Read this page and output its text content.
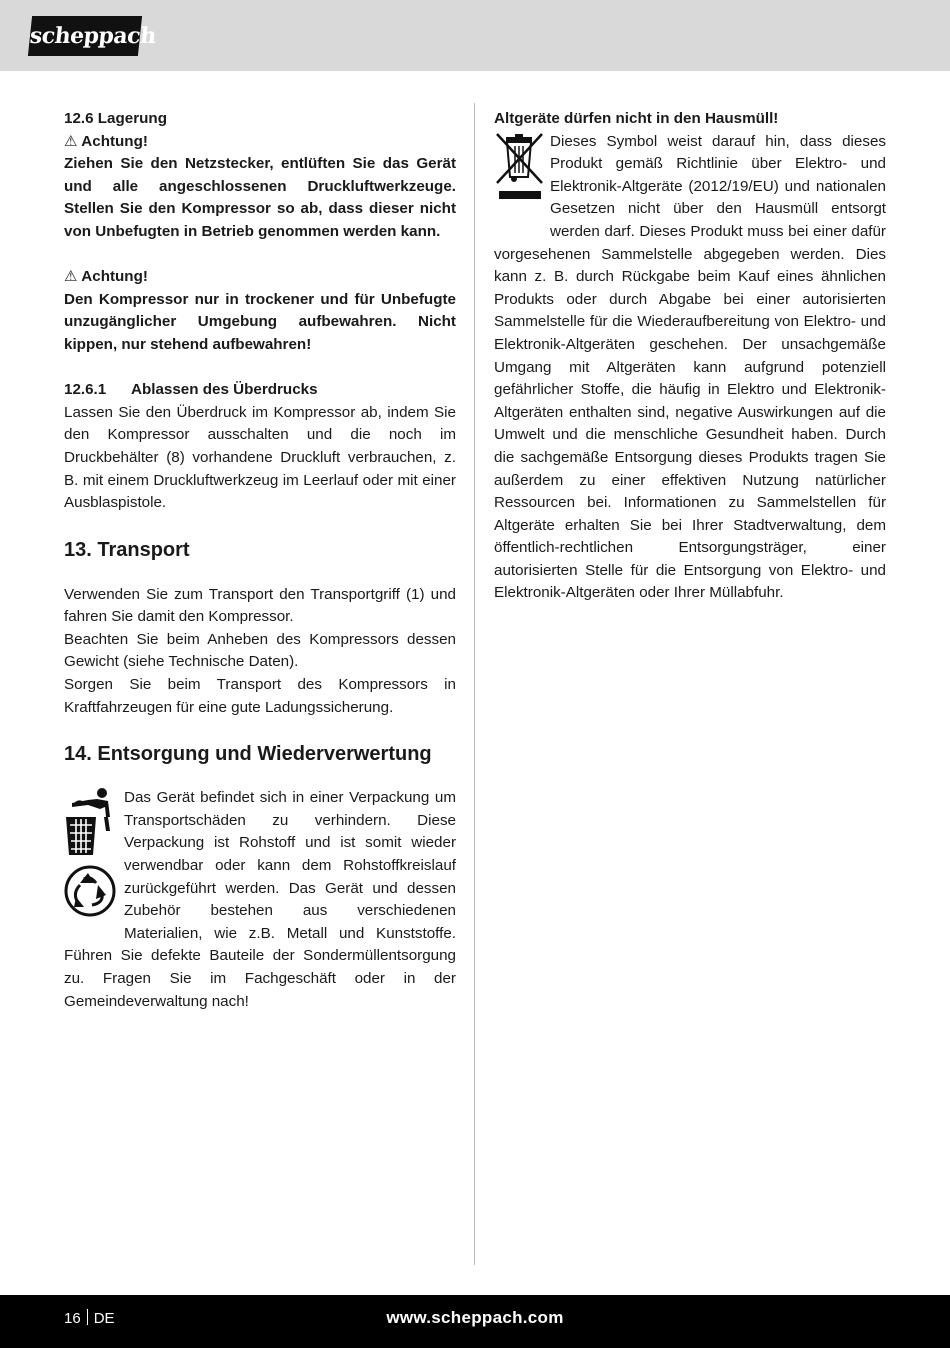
scheppach

12.6 Lagerung

⚠ Achtung!

Ziehen Sie den Netzstecker, entlüften Sie das Gerät und alle angeschlossenen Druckluftwerkzeuge. Stellen Sie den Kompressor so ab, dass dieser nicht von Unbefugten in Betrieb genommen werden kann.

⚠ Achtung!

Den Kompressor nur in trockener und für Unbefugte unzugänglicher Umgebung aufbewahren. Nicht kippen, nur stehend aufbewahren!

12.6.1 Ablassen des Überdrucks

Lassen Sie den Überdruck im Kompressor ab, indem Sie den Kompressor ausschalten und die noch im Druckbehälter (8) vorhandene Druckluft verbrauchen, z. B. mit einem Druckluftwerkzeug im Leerlauf oder mit einer Ausblaspistole.

13. Transport

Verwenden Sie zum Transport den Transportgriff (1) und fahren Sie damit den Kompressor.

Beachten Sie beim Anheben des Kompressors dessen Gewicht (siehe Technische Daten).

Sorgen Sie beim Transport des Kompressors in Kraftfahrzeugen für eine gute Ladungssicherung.

14. Entsorgung und Wiederverwertung

Das Gerät befindet sich in einer Verpackung um Transportschäden zu verhindern. Diese Verpackung ist Rohstoff und ist somit wieder verwendbar oder kann dem Rohstoffkreislauf zurückgeführt werden. Das Gerät und dessen Zubehör bestehen aus verschiedenen Materialien, wie z.B. Metall und Kunststoffe. Führen Sie defekte Bauteile der Sondermüllentsorgung zu. Fragen Sie im Fachgeschäft oder in der Gemeindeverwaltung nach!

Altgeräte dürfen nicht in den Hausmüll!

Dieses Symbol weist darauf hin, dass dieses Produkt gemäß Richtlinie über Elektro- und Elektronik-Altgeräte (2012/19/EU) und nationalen Gesetzen nicht über den Hausmüll entsorgt werden darf. Dieses Produkt muss bei einer dafür vorgesehenen Sammelstelle abgegeben werden. Dies kann z. B. durch Rückgabe beim Kauf eines ähnlichen Produkts oder durch Abgabe bei einer autorisierten Sammelstelle für die Wiederaufbereitung von Elektro- und Elektronik-Altgeräten geschehen. Der unsachgemäße Umgang mit Altgeräten kann aufgrund potenziell gefährlicher Stoffe, die häufig in Elektro und Elektronik-Altgeräten enthalten sind, negative Auswirkungen auf die Umwelt und die menschliche Gesundheit haben. Durch die sachgemäße Entsorgung dieses Produkts tragen Sie außerdem zu einer effektiven Nutzung natürlicher Ressourcen bei. Informationen zu Sammelstellen für Altgeräte erhalten Sie bei Ihrer Stadtverwaltung, dem öffentlich-rechtlichen Entsorgungsträger, einer autorisierten Stelle für die Entsorgung von Elektro- und Elektronik-Altgeräten oder Ihrer Müllabfuhr.

16 DE	www.scheppach.com
